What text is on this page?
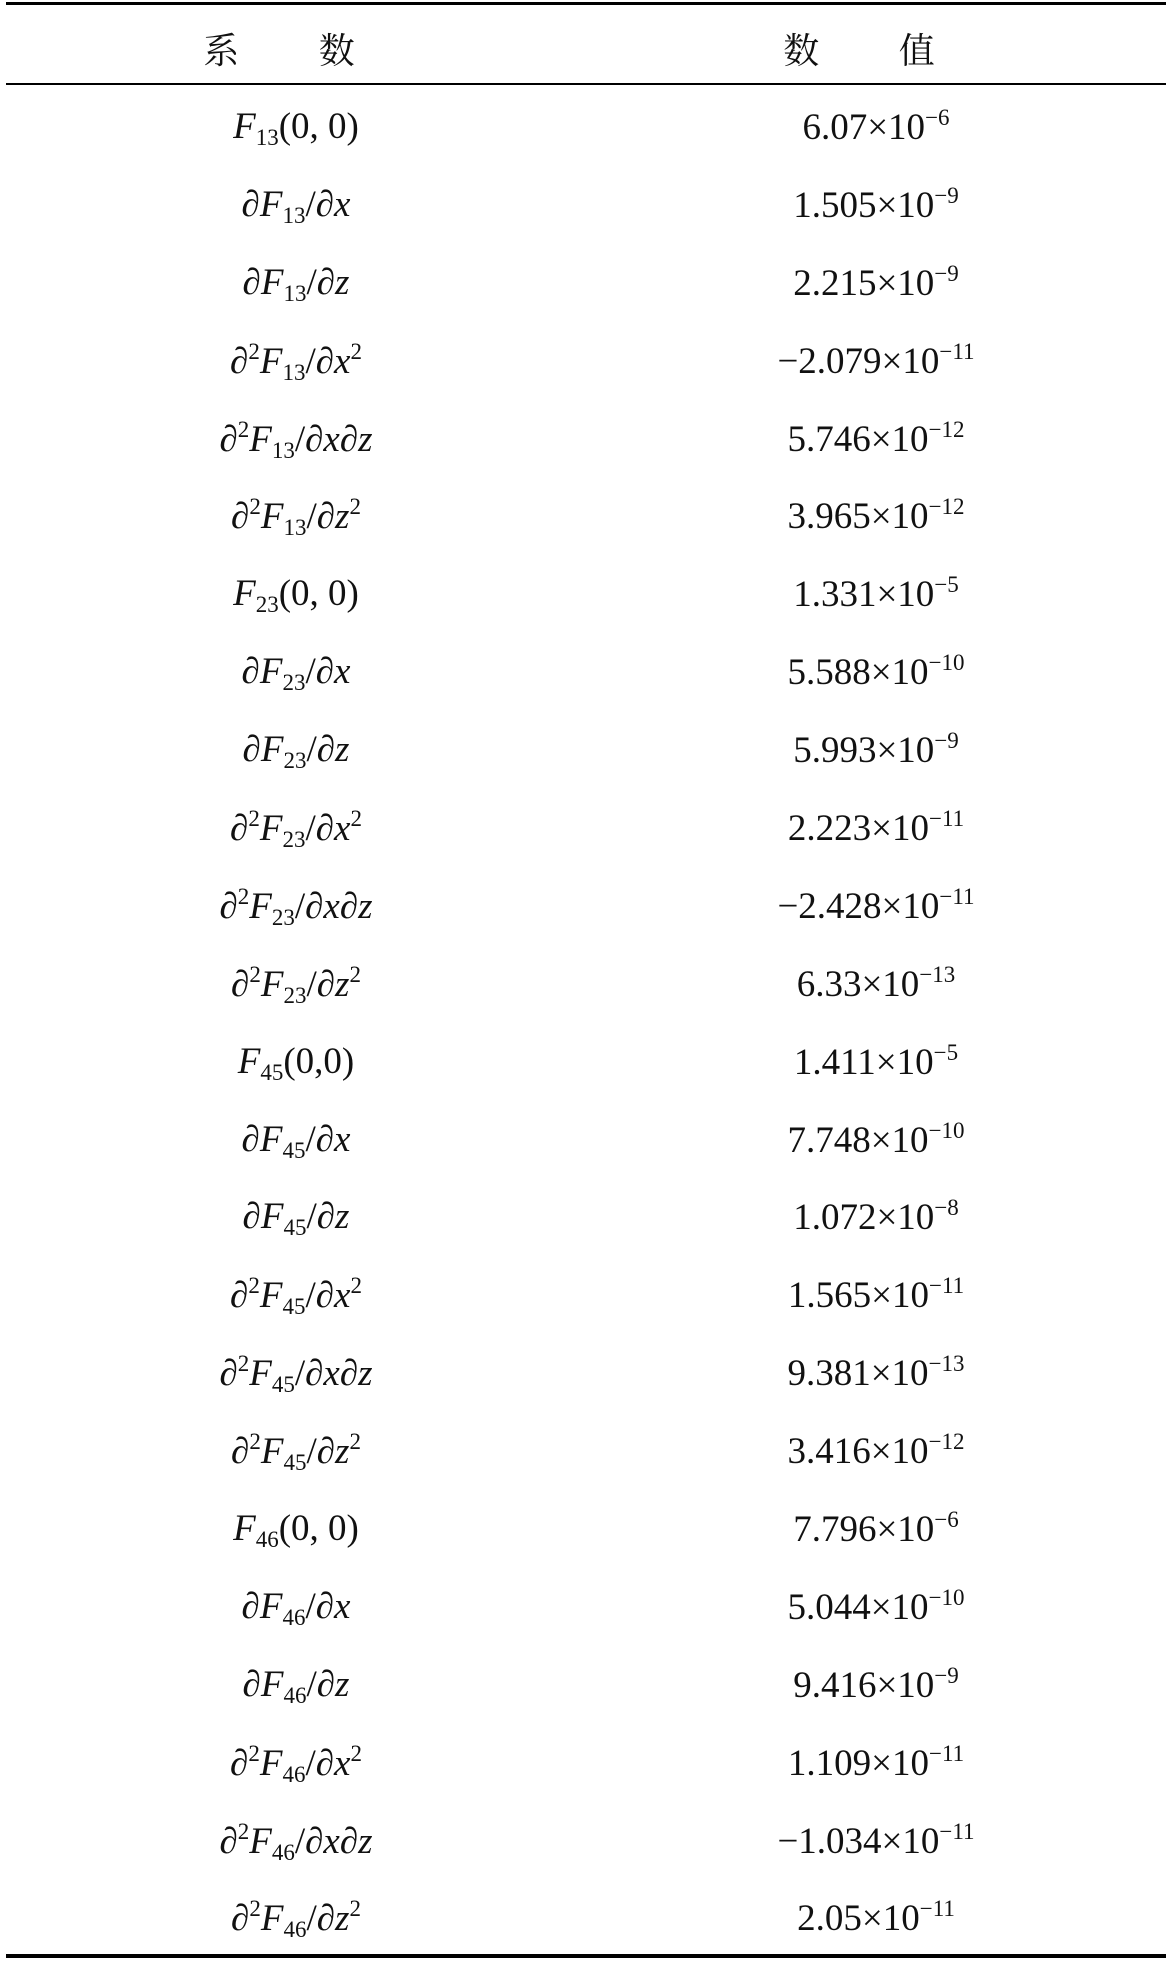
系 数	数 值
$F_{13}(0$, 0)	$6.07\times 10^{-6}$
$\partial F_{13}/\partial x$	$1.505\times 10^{-9}$
$\partial F_{13}/\partial z$	$2.215\times 10^{-9}$
$\partial^2F_{13}/\partial x^2$	$-2.079\times 10^{-11}$
$\partial^2F_{13}/\partial x\partial z$	$5.746\times 10^{-12}$
$\partial^2F_{13}/\partial z^2$	$3.965\times 10^{-12}$
$F_{23}(0$, 0)	$1.331\times 10^{-5}$
$\partial F_{23}/\partial x$	$5.588\times 10^{-10}$
$\partial F_{23}/\partial z$	$5.993\times 10^{-9}$
$\partial^2F_{23}/\partial x^2$	$2.223\times 10^{-11}$
$\partial^2F_{23}/\partial x\partial z$	$-2.428\times 10^{-11}$
$\partial^2F_{23}/\partial z^2$	$6.33\times 10^{-13}$
$F_{45}(0,0)$	$1.411\times 10^{-5}$
$\partial F_{45}/\partial x$	$7.748\times 10^{-10}$
$\partial F_{45}/\partial z$	$1.072\times 10^{-8}$
$\partial^2F_{45}/\partial x^2$	$1.565\times 10^{-11}$
$\partial^2F_{45}/\partial x\partial z$	$9.381\times 10^{-13}$
$\partial^2F_{45}/\partial z^2$	$3.416\times 10^{-12}$
$F_{46}(0$, 0)	$7.796\times 10^{-6}$
$\partial F_{46}/\partial x$	$5.044\times 10^{-10}$
$\partial F_{46}/\partial z$	$9.416\times 10^{-9}$
$\partial^2F_{46}/\partial x^2$	$1.109\times 10^{-11}$
$\partial^2F_{46}/\partial x\partial z$	$-1.034\times 10^{-11}$
$\partial^2F_{46}/\partial z^2$	$2.05\times 10^{-11}$
